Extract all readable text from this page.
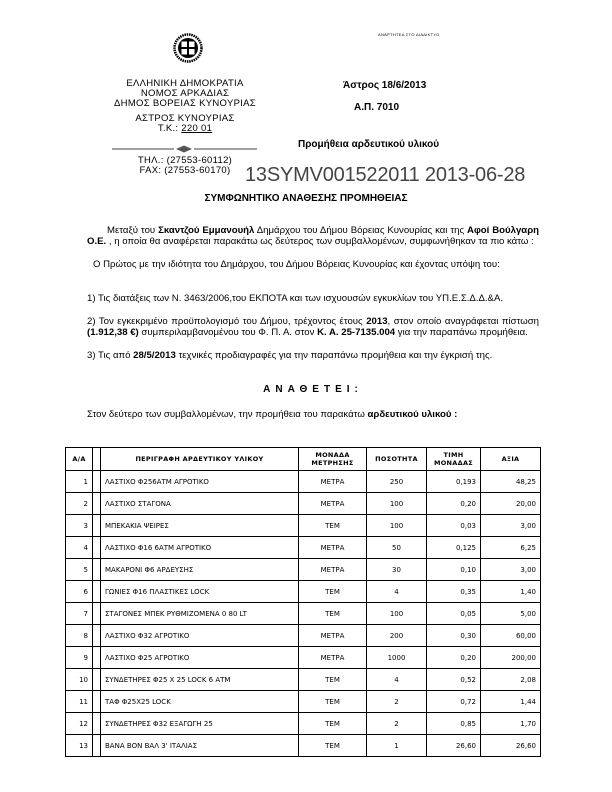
ΑΝΑΡΤΗΤΕΑ ΣΤΟ ΔΙΑΔΙΚΤΥΟ
ΕΛΛΗΝΙΚΗ ΔΗΜΟΚΡΑΤΙΑ
ΝΟΜΟΣ ΑΡΚΑΔΙΑΣ
ΔΗΜΟΣ ΒΟΡΕΙΑΣ ΚΥΝΟΥΡΙΑΣ
ΑΣΤΡΟΣ ΚΥΝΟΥΡΙΑΣ
Τ.Κ.: 220 01
ΤΗΛ.: (27553-60112)
FAX: (27553-60170)
Άστρος 18/6/2013
Α.Π. 7010
Προμήθεια αρδευτικού υλικού
13SYMV001522011 2013-06-28
ΣΥΜΦΩΝΗΤΙΚΟ ΑΝΑΘΕΣΗΣ ΠΡΟΜΗΘΕΙΑΣ
Μεταξύ του Σκαντζού Εμμανουήλ Δημάρχου του Δήμου Βόρειας Κυνουρίας και της Αφοί Βούλγαρη Ο.Ε. , η οποία θα αναφέρεται παρακάτω ως δεύτερος των συμβαλλομένων, συμφωνήθηκαν τα πιο κάτω :
Ο Πρώτος με την ιδιότητα του Δημάρχου, του Δήμου Βόρειας Κυνουρίας και έχοντας υπόψη του:
1) Τις διατάξεις των Ν. 3463/2006,του ΕΚΠΟΤΑ και των ισχυουσών εγκυκλίων του ΥΠ.Ε.Σ.Δ.Δ.&Α.
2) Τον εγκεκριμένο προϋπολογισμό του Δήμου, τρέχοντος έτους 2013, στον οποίο αναγράφεται πίστωση (1.912,38 €) συμπεριλαμβανομένου του Φ. Π. Α. στον Κ. Α. 25-7135.004 για την παραπάνω προμήθεια.
3) Τις από 28/5/2013 τεχνικές προδιαγραφές για την παραπάνω προμήθεια και την έγκρισή της.
ΑΝΑΘΕΤΕΙ:
Στον δεύτερο των συμβαλλομένων, την προμήθεια του παρακάτω αρδευτικού υλικού :
Α/Α		ΠΕΡΙΓΡΑΦΗ ΑΡΔΕΥΤΙΚΟΥ ΥΛΙΚΟΥ	ΜΟΝΑΔΑ ΜΕΤΡΗΣΗΣ	ΠΟΣΟΤΗΤΑ	ΤΙΜΗ ΜΟΝΑΔΑΣ	ΑΞΙΑ
1		ΛΑΣΤΙΧΟ Φ256ΑΤΜ ΑΓΡΟΤΙΚΟ	ΜΕΤΡΑ	250	0,193	48,25
2		ΛΑΣΤΙΧΟ ΣΤΑΓΟΝΑ	ΜΕΤΡΑ	100	0,20	20,00
3		ΜΠΕΚΑΚΙΑ ΨΕΙΡΕΣ	ΤΕΜ	100	0,03	3,00
4		ΛΑΣΤΙΧΟ Φ16 6ΑΤΜ ΑΓΡΟΤΙΚΟ	ΜΕΤΡΑ	50	0,125	6,25
5		ΜΑΚΑΡΟΝΙ Φ6 ΑΡΔΕΥΣΗΣ	ΜΕΤΡΑ	30	0,10	3,00
6		ΓΩΝΙΕΣ Φ16 ΠΛΑΣΤΙΚΕΣ LOCK	ΤΕΜ	4	0,35	1,40
7		ΣΤΑΓΟΝΕΣ ΜΠΕΚ ΡΥΘΜΙΖΟΜΕΝΑ 0 80 LT	ΤΕΜ	100	0,05	5,00
8		ΛΑΣΤΙΧΟ Φ32 ΑΓΡΟΤΙΚΟ	ΜΕΤΡΑ	200	0,30	60,00
9		ΛΑΣΤΙΧΟ Φ25 ΑΓΡΟΤΙΚΟ	ΜΕΤΡΑ	1000	0,20	200,00
10		ΣΥΝΔΕΤΗΡΕΣ Φ25 Χ 25 LOCK 6 ΑΤΜ	ΤΕΜ	4	0,52	2,08
11		ΤΑΦ Φ25Χ25 LOCK	ΤΕΜ	2	0,72	1,44
12		ΣΥΝΔΕΤΗΡΕΣ Φ32 ΕΞΑΓΩΓΗ 25	ΤΕΜ	2	0,85	1,70
13		ΒΑΝΑ ΒΟΝ ΒΑΛ 3' ΙΤΑΛΙΑΣ	ΤΕΜ	1	26,60	26,60
